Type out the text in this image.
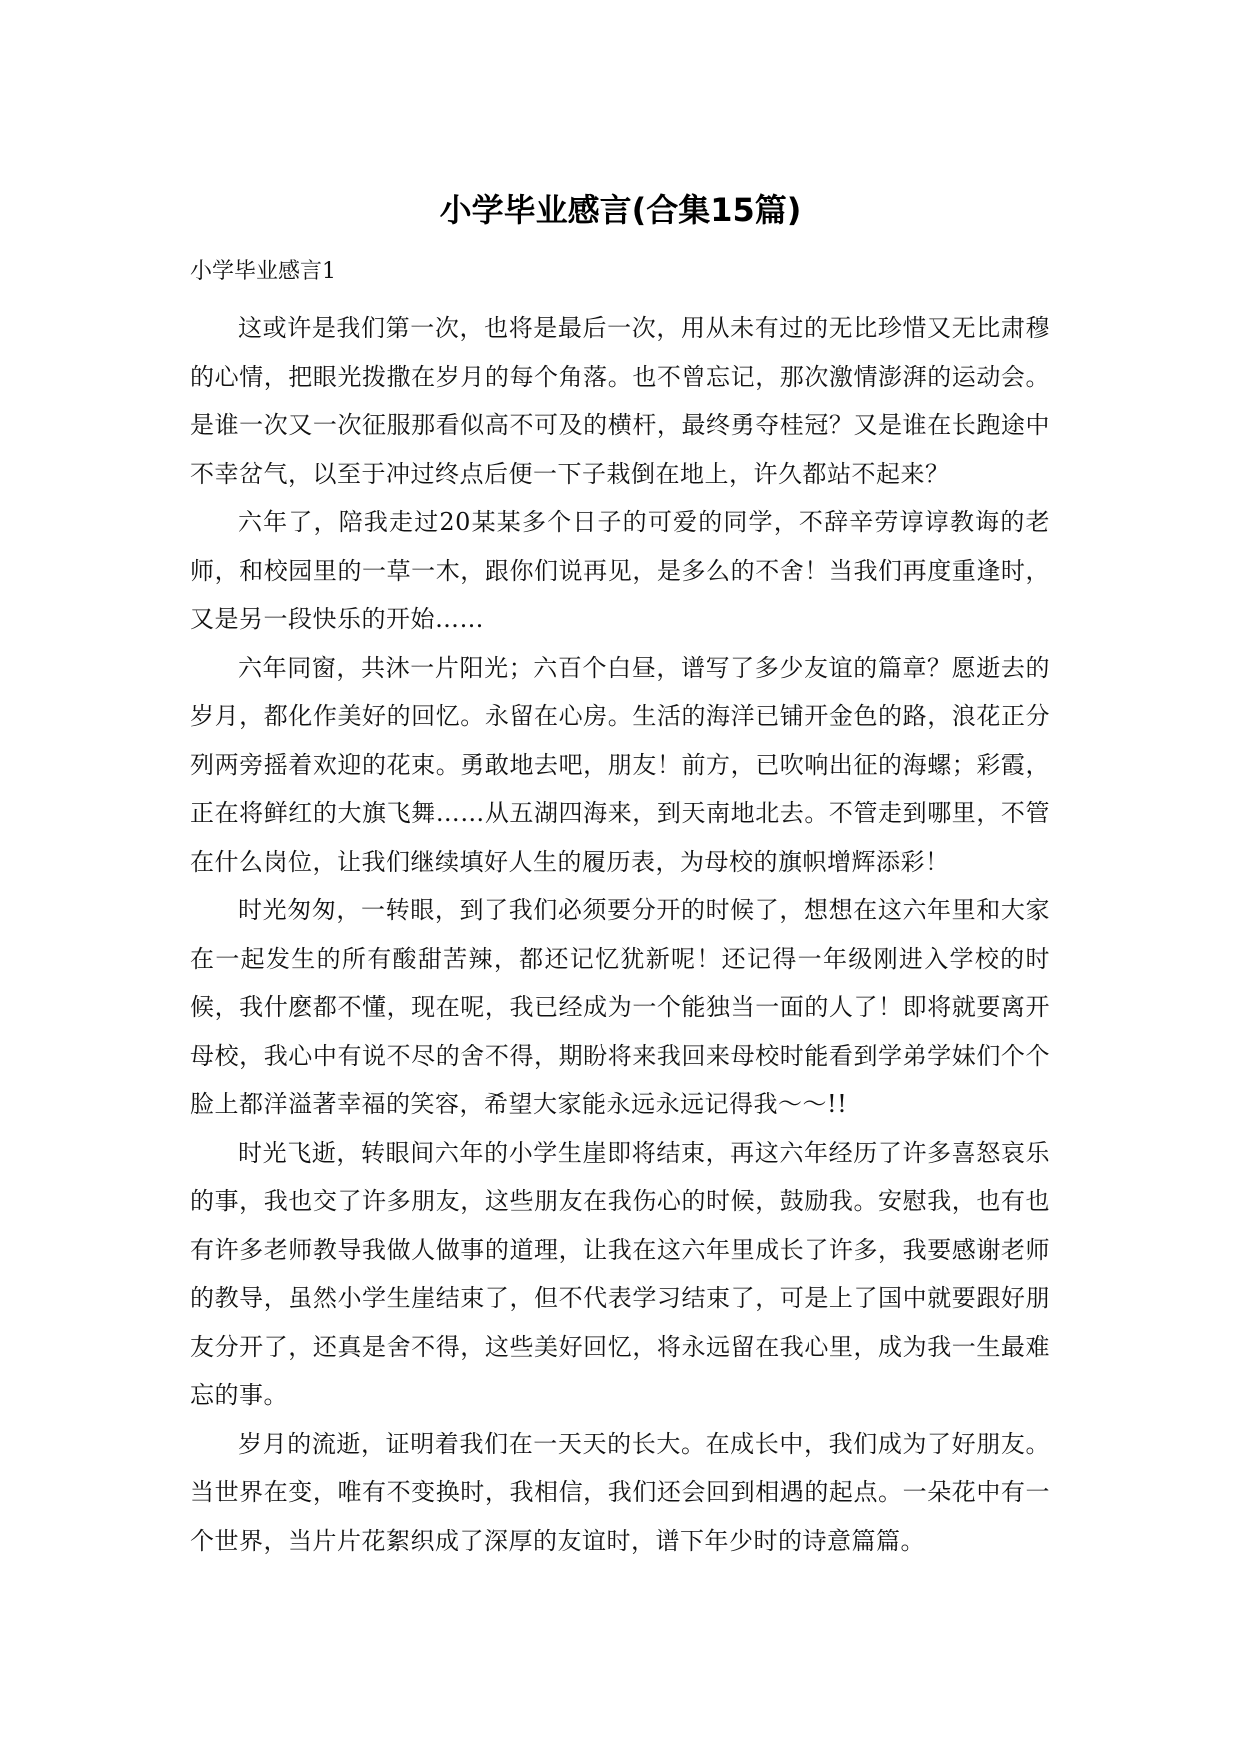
小学毕业感言(合集15篇)

小学毕业感言1

这或许是我们第一次，也将是最后一次，用从未有过的无比珍惜又无比肃穆的心情，把眼光拨撒在岁月的每个角落。也不曾忘记，那次激情澎湃的运动会。是谁一次又一次征服那看似高不可及的横杆，最终勇夺桂冠？又是谁在长跑途中不幸岔气，以至于冲过终点后便一下子栽倒在地上，许久都站不起来？

六年了，陪我走过20某某多个日子的可爱的同学，不辞辛劳谆谆教诲的老师，和校园里的一草一木，跟你们说再见，是多么的不舍！当我们再度重逢时，又是另一段快乐的开始……

六年同窗，共沐一片阳光；六百个白昼，谱写了多少友谊的篇章？愿逝去的岁月，都化作美好的回忆。永留在心房。生活的海洋已铺开金色的路，浪花正分列两旁摇着欢迎的花束。勇敢地去吧，朋友！前方，已吹响出征的海螺；彩霞，正在将鲜红的大旗飞舞……从五湖四海来，到天南地北去。不管走到哪里，不管在什么岗位，让我们继续填好人生的履历表，为母校的旗帜增辉添彩！

时光匆匆，一转眼，到了我们必须要分开的时候了，想想在这六年里和大家在一起发生的所有酸甜苦辣，都还记忆犹新呢！还记得一年级刚进入学校的时候，我什麽都不懂，现在呢，我已经成为一个能独当一面的人了！即将就要离开母校，我心中有说不尽的舍不得，期盼将来我回来母校时能看到学弟学妹们个个脸上都洋溢著幸福的笑容，希望大家能永远永远记得我～～!!

时光飞逝，转眼间六年的小学生崖即将结束，再这六年经历了许多喜怒哀乐的事，我也交了许多朋友，这些朋友在我伤心的时候，鼓励我。安慰我，也有也有许多老师教导我做人做事的道理，让我在这六年里成长了许多，我要感谢老师的教导，虽然小学生崖结束了，但不代表学习结束了，可是上了国中就要跟好朋友分开了，还真是舍不得，这些美好回忆，将永远留在我心里，成为我一生最难忘的事。

岁月的流逝，证明着我们在一天天的长大。在成长中，我们成为了好朋友。当世界在变，唯有不变换时，我相信，我们还会回到相遇的起点。一朵花中有一个世界，当片片花絮织成了深厚的友谊时，谱下年少时的诗意篇篇。
